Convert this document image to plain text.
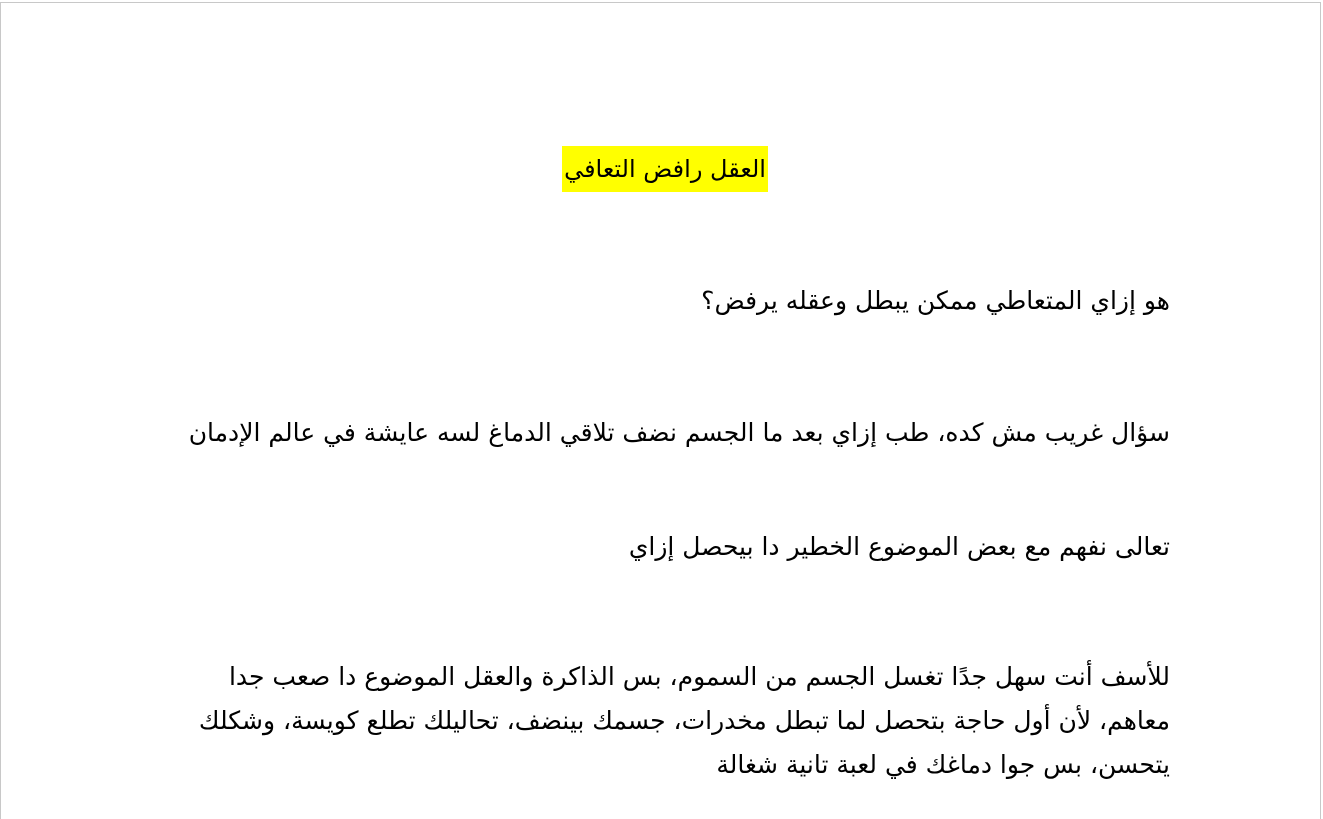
العقل رافض التعافي
هو إزاي المتعاطي ممكن يبطل وعقله يرفض؟
سؤال غريب مش كده، طب إزاي بعد ما الجسم نضف تلاقي الدماغ لسه عايشة في عالم الإدمان
تعالى نفهم مع بعض الموضوع الخطير دا بيحصل إزاي
للأسف أنت سهل جدًا تغسل الجسم من السموم، بس الذاكرة والعقل الموضوع دا صعب جدا معاهم، لأن أول حاجة بتحصل لما تبطل مخدرات، جسمك بينضف، تحاليلك تطلع كويسة، وشكلك يتحسن، بس جوا دماغك في لعبة تانية شغالة
